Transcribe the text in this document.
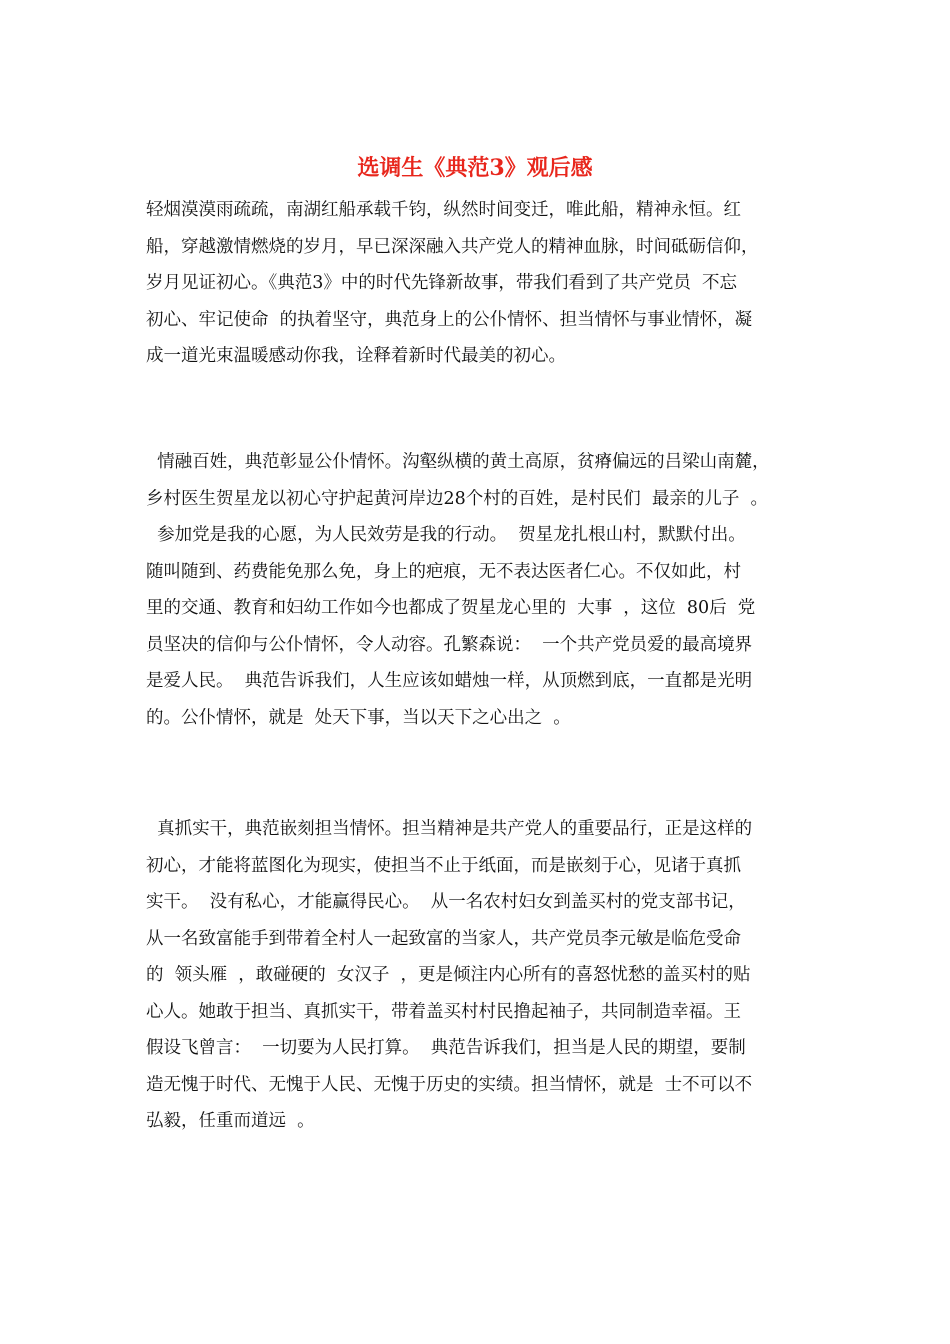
选调生《典范3》观后感
轻烟漠漠雨疏疏，南湖红船承载千钧，纵然时间变迁，唯此船，精神永恒。红
船，穿越激情燃烧的岁月，早已深深融入共产党人的精神血脉，时间砥砺信仰，
岁月见证初心。《典范3》中的时代先锋新故事，带我们看到了共产党员  不忘
初心、牢记使命  的执着坚守，典范身上的公仆情怀、担当情怀与事业情怀，凝
成一道光束温暖感动你我，诠释着新时代最美的初心。
情融百姓，典范彰显公仆情怀。沟壑纵横的黄土高原，贫瘠偏远的吕梁山南麓，
乡村医生贺星龙以初心守护起黄河岸边28个村的百姓，是村民们  最亲的儿子  。
参加党是我的心愿，为人民效劳是我的行动。  贺星龙扎根山村，默默付出。
随叫随到、药费能免那么免，身上的疤痕，无不表达医者仁心。不仅如此，村
里的交通、教育和妇幼工作如今也都成了贺星龙心里的  大事  ，这位  80后  党
员坚决的信仰与公仆情怀，令人动容。孔繁森说：  一个共产党员爱的最高境界
是爱人民。  典范告诉我们，人生应该如蜡烛一样，从顶燃到底，一直都是光明
的。公仆情怀，就是  处天下事，当以天下之心出之  。
真抓实干，典范嵌刻担当情怀。担当精神是共产党人的重要品行，正是这样的
初心，才能将蓝图化为现实，使担当不止于纸面，而是嵌刻于心，见诸于真抓
实干。  没有私心，才能赢得民心。  从一名农村妇女到盖买村的党支部书记，
从一名致富能手到带着全村人一起致富的当家人，共产党员李元敏是临危受命
的  领头雁  ，敢碰硬的  女汉子  ，更是倾注内心所有的喜怒忧愁的盖买村的贴
心人。她敢于担当、真抓实干，带着盖买村村民撸起袖子，共同制造幸福。王
假设飞曾言：  一切要为人民打算。  典范告诉我们，担当是人民的期望，要制
造无愧于时代、无愧于人民、无愧于历史的实绩。担当情怀，就是  士不可以不
弘毅，任重而道远  。
